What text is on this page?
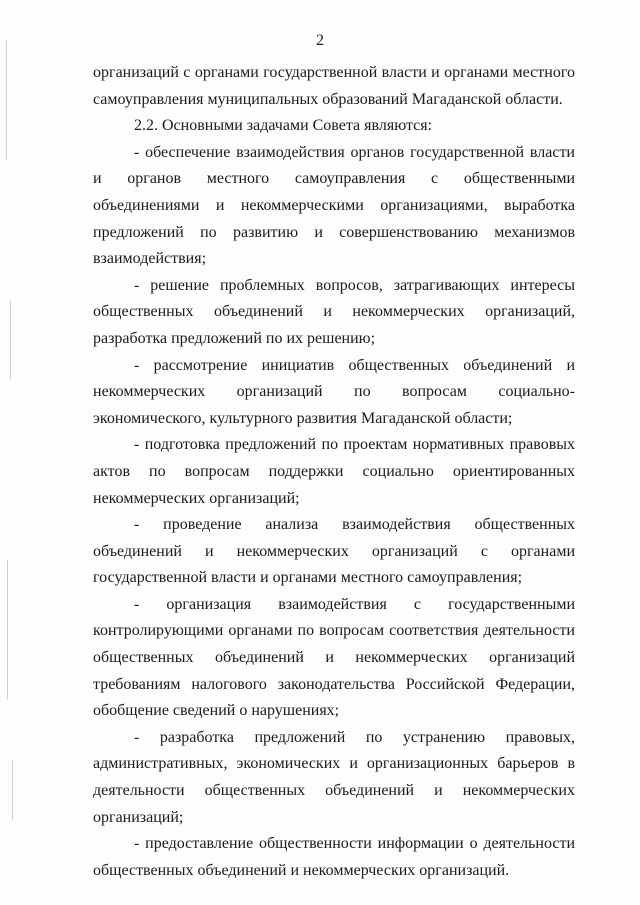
2

организаций с органами государственной власти и органами местного самоуправления муниципальных образований Магаданской области.

2.2. Основными задачами Совета являются:

- обеспечение взаимодействия органов государственной власти и органов местного самоуправления с общественными объединениями и некоммерческими организациями, выработка предложений по развитию и совершенствованию механизмов взаимодействия;

- решение проблемных вопросов, затрагивающих интересы общественных объединений и некоммерческих организаций, разработка предложений по их решению;

- рассмотрение инициатив общественных объединений и некоммерческих организаций по вопросам социально-экономического, культурного развития Магаданской области;

- подготовка предложений по проектам нормативных правовых актов по вопросам поддержки социально ориентированных некоммерческих организаций;

- проведение анализа взаимодействия общественных объединений и некоммерческих организаций с органами государственной власти и органами местного самоуправления;

- организация взаимодействия с государственными контролирующими органами по вопросам соответствия деятельности общественных объединений и некоммерческих организаций требованиям налогового законодательства Российской Федерации, обобщение сведений о нарушениях;

- разработка предложений по устранению правовых, административных, экономических и организационных барьеров в деятельности общественных объединений и некоммерческих организаций;

- предоставление общественности информации о деятельности общественных объединений и некоммерческих организаций.
